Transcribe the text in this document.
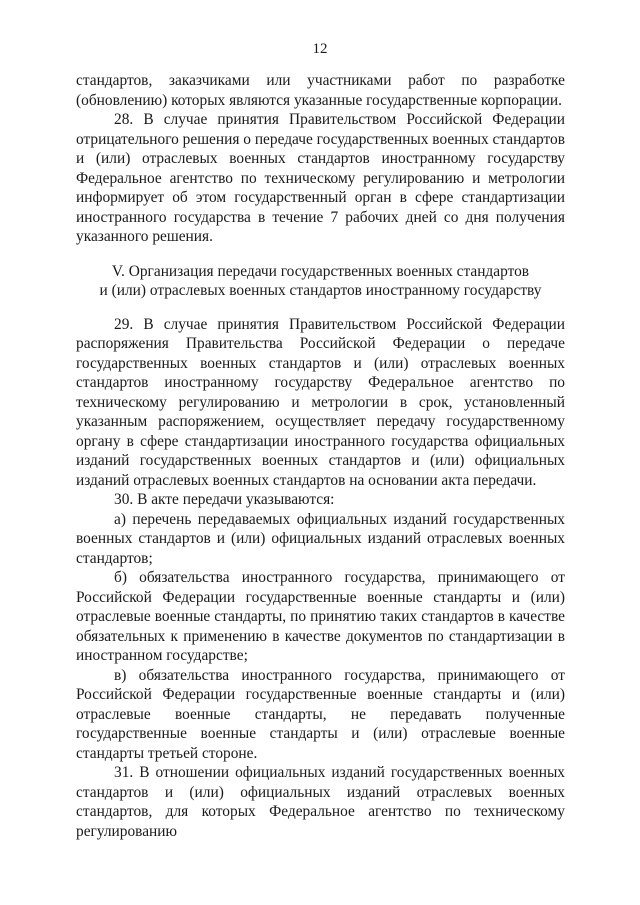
12

стандартов, заказчиками или участниками работ по разработке (обновлению) которых являются указанные государственные корпорации.

28. В случае принятия Правительством Российской Федерации отрицательного решения о передаче государственных военных стандартов и (или) отраслевых военных стандартов иностранному государству Федеральное агентство по техническому регулированию и метрологии информирует об этом государственный орган в сфере стандартизации иностранного государства в течение 7 рабочих дней со дня получения указанного решения.

V. Организация передачи государственных военных стандартов
и (или) отраслевых военных стандартов иностранному государству

29. В случае принятия Правительством Российской Федерации распоряжения Правительства Российской Федерации о передаче государственных военных стандартов и (или) отраслевых военных стандартов иностранному государству Федеральное агентство по техническому регулированию и метрологии в срок, установленный указанным распоряжением, осуществляет передачу государственному органу в сфере стандартизации иностранного государства официальных изданий государственных военных стандартов и (или) официальных изданий отраслевых военных стандартов на основании акта передачи.

30. В акте передачи указываются:

а) перечень передаваемых официальных изданий государственных военных стандартов и (или) официальных изданий отраслевых военных стандартов;

б) обязательства иностранного государства, принимающего от Российской Федерации государственные военные стандарты и (или) отраслевые военные стандарты, по принятию таких стандартов в качестве обязательных к применению в качестве документов по стандартизации в иностранном государстве;

в) обязательства иностранного государства, принимающего от Российской Федерации государственные военные стандарты и (или) отраслевые военные стандарты, не передавать полученные государственные военные стандарты и (или) отраслевые военные стандарты третьей стороне.

31. В отношении официальных изданий государственных военных стандартов и (или) официальных изданий отраслевых военных стандартов, для которых Федеральное агентство по техническому регулированию
